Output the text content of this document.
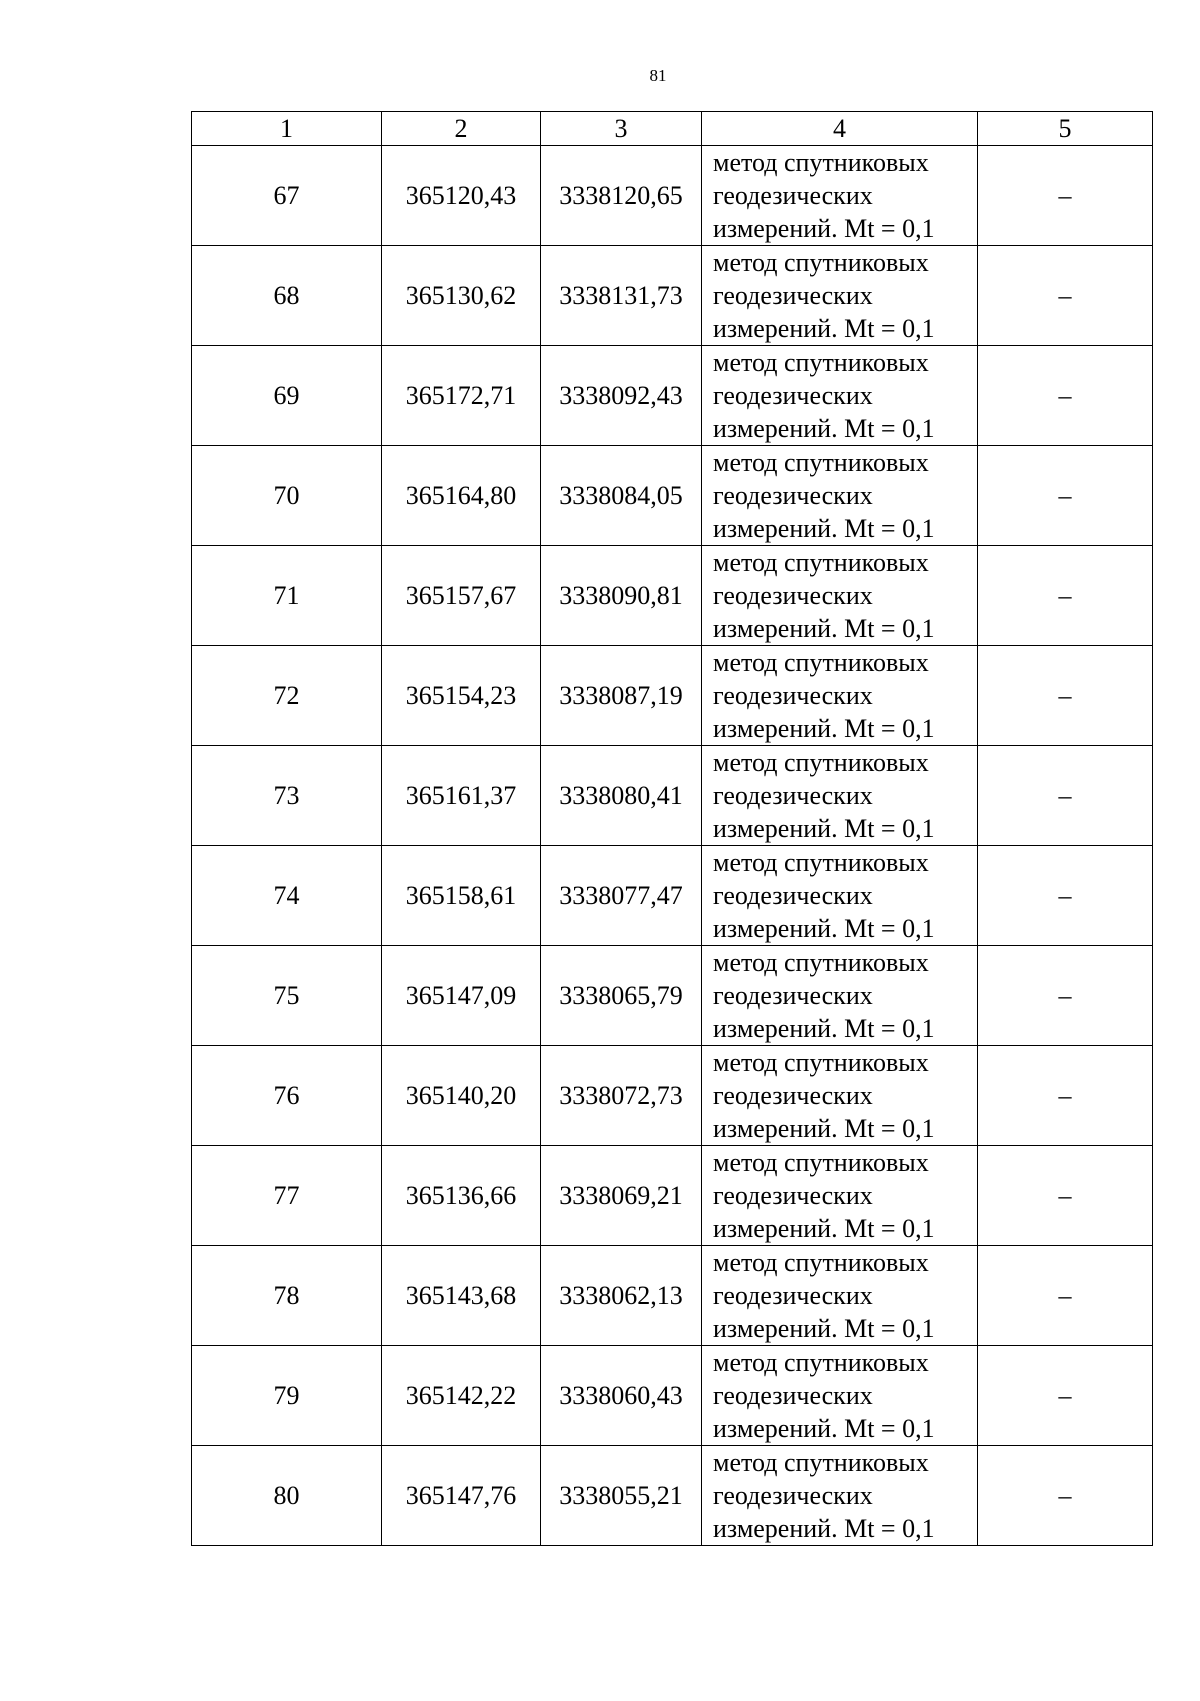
81
1	2	3	4	5
67	365120,43	3338120,65	метод спутниковых
геодезических
измерений. Mt = 0,1	–
68	365130,62	3338131,73	метод спутниковых
геодезических
измерений. Mt = 0,1	–
69	365172,71	3338092,43	метод спутниковых
геодезических
измерений. Mt = 0,1	–
70	365164,80	3338084,05	метод спутниковых
геодезических
измерений. Mt = 0,1	–
71	365157,67	3338090,81	метод спутниковых
геодезических
измерений. Mt = 0,1	–
72	365154,23	3338087,19	метод спутниковых
геодезических
измерений. Mt = 0,1	–
73	365161,37	3338080,41	метод спутниковых
геодезических
измерений. Mt = 0,1	–
74	365158,61	3338077,47	метод спутниковых
геодезических
измерений. Mt = 0,1	–
75	365147,09	3338065,79	метод спутниковых
геодезических
измерений. Mt = 0,1	–
76	365140,20	3338072,73	метод спутниковых
геодезических
измерений. Mt = 0,1	–
77	365136,66	3338069,21	метод спутниковых
геодезических
измерений. Mt = 0,1	–
78	365143,68	3338062,13	метод спутниковых
геодезических
измерений. Mt = 0,1	–
79	365142,22	3338060,43	метод спутниковых
геодезических
измерений. Mt = 0,1	–
80	365147,76	3338055,21	метод спутниковых
геодезических
измерений. Mt = 0,1	–
